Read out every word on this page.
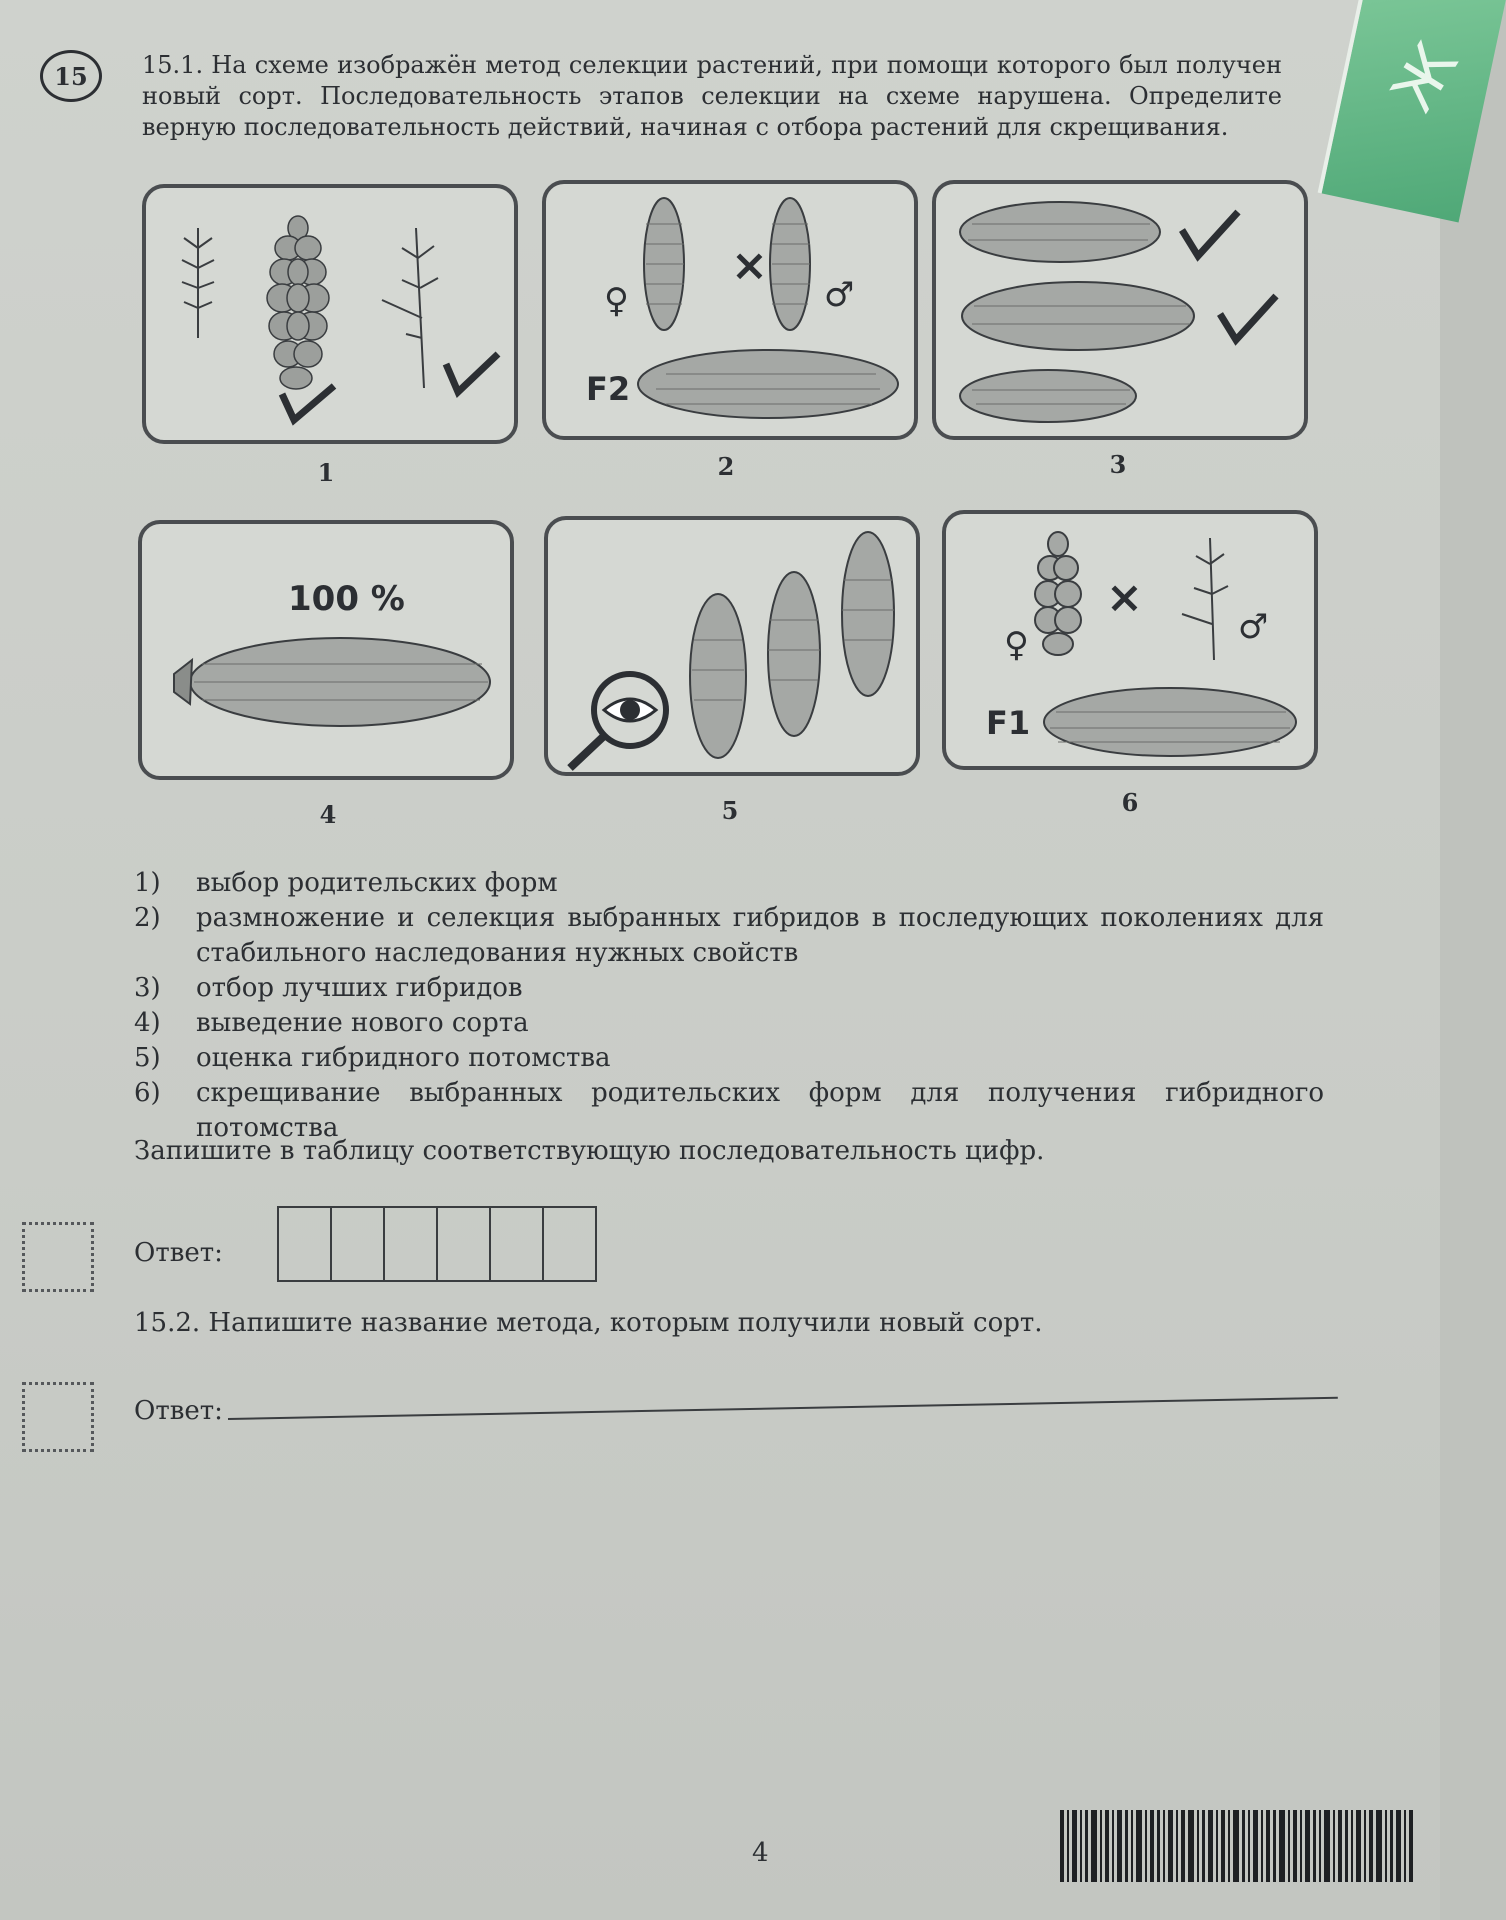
Ж
15	15.1. На схеме изображён метод селекции растений, при помощи которого был получен новый сорт. Последовательность этапов селекции на схеме нарушена. Определите верную последовательность действий, начиная с отбора растений для скрещивания.
1
×
♀	♂
F2
2	3
100 %
4	5
×
♀	♂
F1
6
1)	выбор родительских форм
2)	размножение и селекция выбранных гибридов в последующих поколениях для стабильного наследования нужных свойств
3)	отбор лучших гибридов
4)	выведение нового сорта
5)	оценка гибридного потомства
6)	скрещивание выбранных родительских форм для получения гибридного потомства
Запишите в таблицу соответствующую последовательность цифр.
Ответ:
15.2. Напишите название метода, которым получили новый сорт.
Ответ:
4
